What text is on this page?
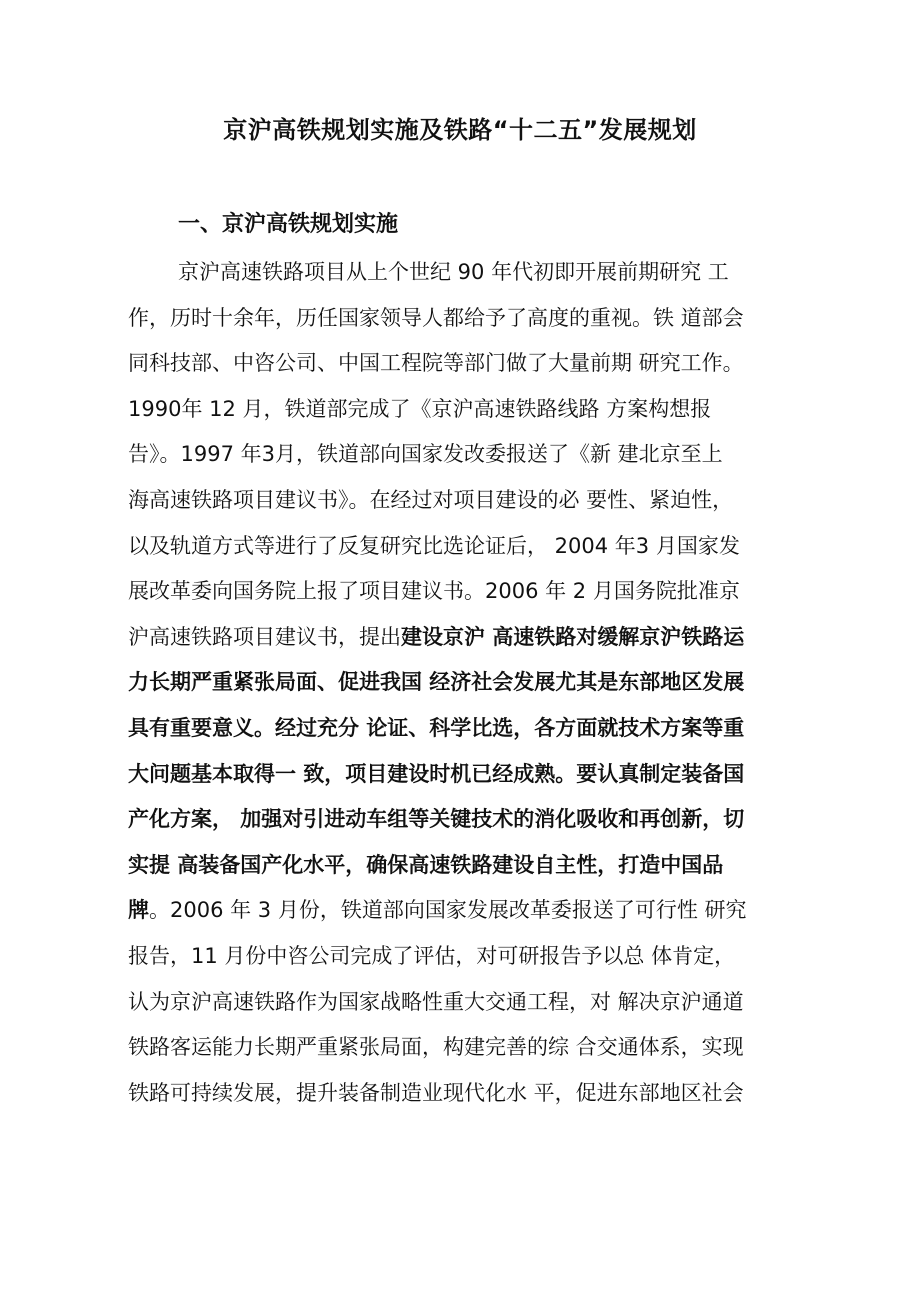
京沪高铁规划实施及铁路“十二五”发展规划
一、京沪高铁规划实施
京沪高速铁路项目从上个世纪 90 年代初即开展前期研究 工
作，历时十余年，历任国家领导人都给予了高度的重视。铁 道部会
同科技部、中咨公司、中国工程院等部门做了大量前期 研究工作。
1990年 12 月，铁道部完成了《京沪高速铁路线路 方案构想报
告》。1997 年3月，铁道部向国家发改委报送了《新 建北京至上
海高速铁路项目建议书》。在经过对项目建设的必 要性、紧迫性，
以及轨道方式等进行了反复研究比选论证后， 2004 年3 月国家发
展改革委向国务院上报了项目建议书。2006 年 2 月国务院批准京
沪高速铁路项目建议书，提出建设京沪 高速铁路对缓解京沪铁路运
力长期严重紧张局面、促进我国 经济社会发展尤其是东部地区发展
具有重要意义。经过充分 论证、科学比选，各方面就技术方案等重
大问题基本取得一 致，项目建设时机已经成熟。要认真制定装备国
产化方案， 加强对引进动车组等关键技术的消化吸收和再创新，切
实提 高装备国产化水平，确保高速铁路建设自主性，打造中国品
牌。2006 年 3 月份，铁道部向国家发展改革委报送了可行性 研究
报告，11 月份中咨公司完成了评估，对可研报告予以总 体肯定，
认为京沪高速铁路作为国家战略性重大交通工程，对 解决京沪通道
铁路客运能力长期严重紧张局面，构建完善的综 合交通体系，实现
铁路可持续发展，提升装备制造业现代化水 平，促进东部地区社会
